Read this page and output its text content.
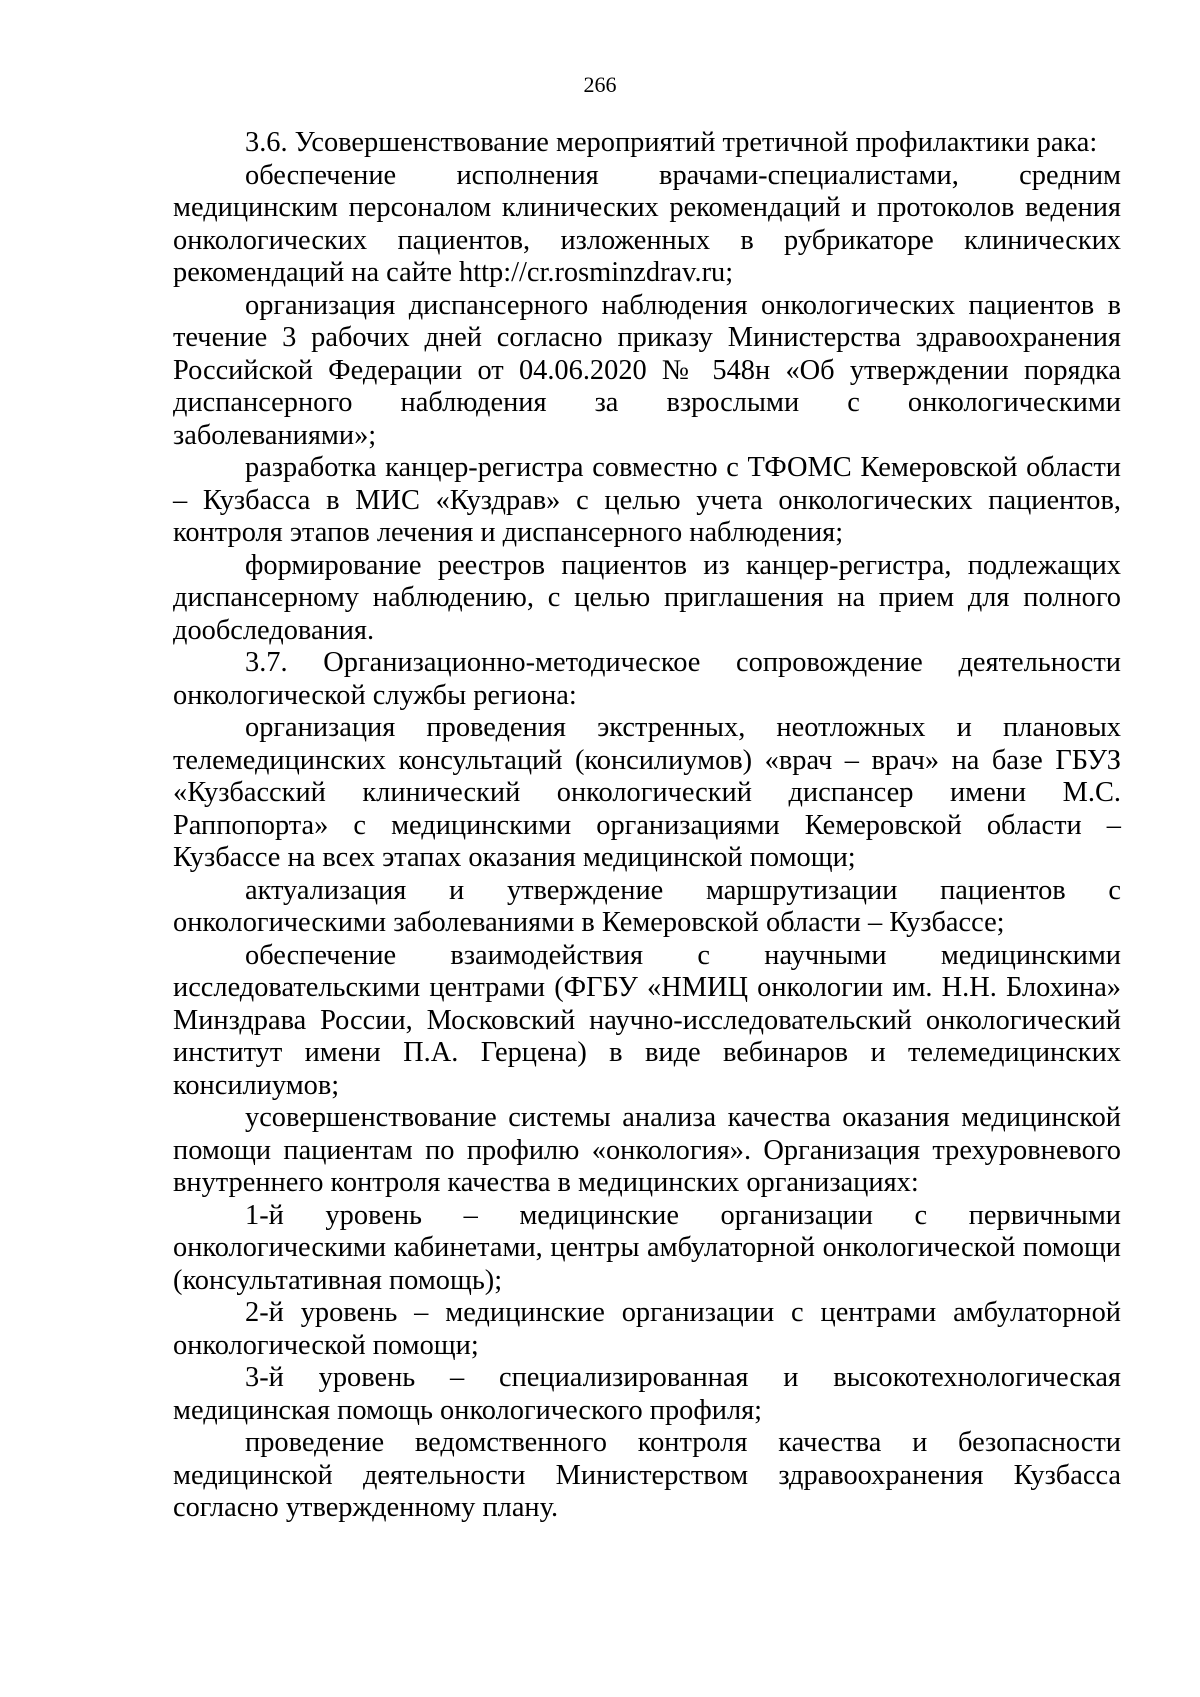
266

3.6. Усовершенствование мероприятий третичной профилактики рака:

обеспечение исполнения врачами-специалистами, средним медицинским персоналом клинических рекомендаций и протоколов ведения онкологических пациентов, изложенных в рубрикаторе клинических рекомендаций на сайте http://cr.rosminzdrav.ru;

организация диспансерного наблюдения онкологических пациентов в течение 3 рабочих дней согласно приказу Министерства здравоохранения Российской Федерации от 04.06.2020 № 548н «Об утверждении порядка диспансерного наблюдения за взрослыми с онкологическими заболеваниями»;

разработка канцер-регистра совместно с ТФОМС Кемеровской области – Кузбасса в МИС «Куздрав» с целью учета онкологических пациентов, контроля этапов лечения и диспансерного наблюдения;

формирование реестров пациентов из канцер-регистра, подлежащих диспансерному наблюдению, с целью приглашения на прием для полного дообследования.

3.7. Организационно-методическое сопровождение деятельности онкологической службы региона:

организация проведения экстренных, неотложных и плановых телемедицинских консультаций (консилиумов) «врач – врач» на базе ГБУЗ «Кузбасский клинический онкологический диспансер имени М.С. Раппопорта» с медицинскими организациями Кемеровской области – Кузбассе на всех этапах оказания медицинской помощи;

актуализация и утверждение маршрутизации пациентов с онкологическими заболеваниями в Кемеровской области – Кузбассе;

обеспечение взаимодействия с научными медицинскими исследовательскими центрами (ФГБУ «НМИЦ онкологии им. Н.Н. Блохина» Минздрава России, Московский научно-исследовательский онкологический институт имени П.А. Герцена) в виде вебинаров и телемедицинских консилиумов;

усовершенствование системы анализа качества оказания медицинской помощи пациентам по профилю «онкология». Организация трехуровневого внутреннего контроля качества в медицинских организациях:

1-й уровень – медицинские организации с первичными онкологическими кабинетами, центры амбулаторной онкологической помощи (консультативная помощь);

2-й уровень – медицинские организации с центрами амбулаторной онкологической помощи;

3-й уровень – специализированная и высокотехнологическая медицинская помощь онкологического профиля;

проведение ведомственного контроля качества и безопасности медицинской деятельности Министерством здравоохранения Кузбасса согласно утвержденному плану.
